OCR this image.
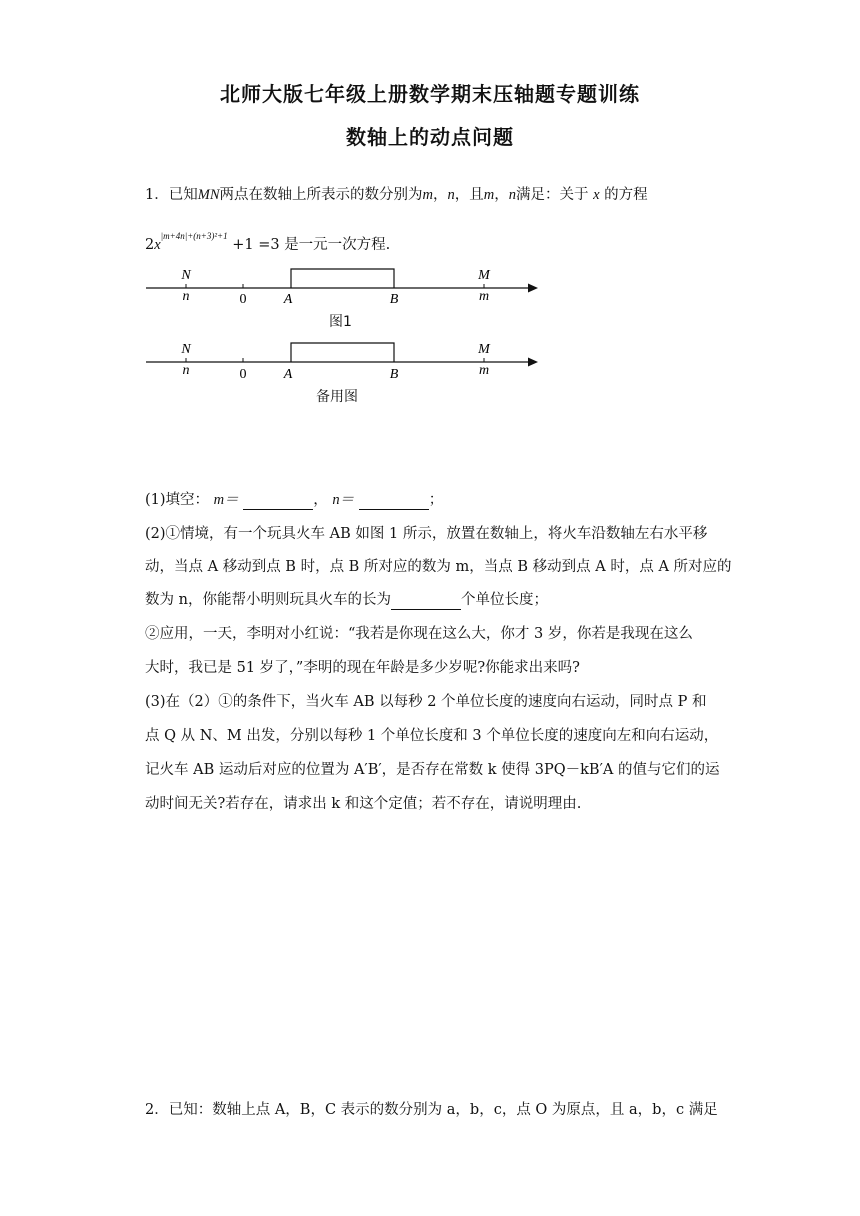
北师大版七年级上册数学期末压轴题专题训练
数轴上的动点问题
1．已知MN两点在数轴上所表示的数分别为m，n，且m，n满足：关于 x 的方程
$2x^{|m+4n|+(n+3)^2+1} +1 =3$ 是一元一次方程.
N
n	0	A	B
M
m
图1
N
n	0	A	B
M
m
备用图
(1)填空： m＝	， n＝	；
(2)①情境，有一个玩具火车 AB 如图 1 所示，放置在数轴上，将火车沿数轴左右水平移
动，当点 A 移动到点 B 时，点 B 所对应的数为 m，当点 B 移动到点 A 时，点 A 所对应的
数为 n，你能帮小明则玩具火车的长为	个单位长度；
②应用，一天，李明对小红说：“我若是你现在这么大，你才 3 岁，你若是我现在这么
大时，我已是 51 岁了，”李明的现在年龄是多少岁呢?你能求出来吗?
(3)在（2）①的条件下，当火车 AB 以每秒 2 个单位长度的速度向右运动，同时点 P 和
点 Q 从 N、M 出发，分别以每秒 1 个单位长度和 3 个单位长度的速度向左和向右运动，
记火车 AB 运动后对应的位置为 A′B′，是否存在常数 k 使得 3PQ－kB′A 的值与它们的运
动时间无关?若存在，请求出 k 和这个定值；若不存在，请说明理由.
2．已知：数轴上点 A，B，C 表示的数分别为 a，b，c，点 O 为原点，且 a，b，c 满足
